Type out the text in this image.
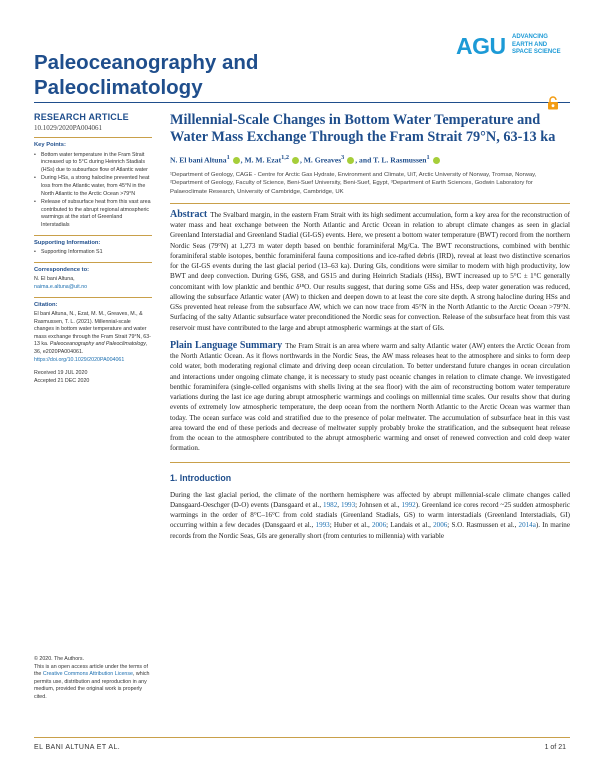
Paleoceanography and
Paleoclimatology
AGU ADVANCING
EARTH AND
SPACE SCIENCE
RESEARCH ARTICLE
10.1029/2020PA004061
Key Points:
• Bottom water temperature in the Fram Strait increased up to 5°C during Heinrich Stadials (HSs) due to subsurface flow of Atlantic water
• During HSs, a strong halocline prevented heat loss from the Atlantic water, from 45°N in the North Atlantic to the Arctic Ocean >79°N
• Release of subsurface heat from this vast area contributed to the abrupt regional atmospheric warmings at the start of Greenland Interstadials
Supporting Information:
• Supporting Information S1
Correspondence to:
N. El bani Altuna,
naima.e.altuna@uit.no
Citation:
El bani Altuna, N., Ezat, M. M., Greaves, M., & Rasmussen, T. L. (2021). Millennial-scale changes in bottom water temperature and water mass exchange through the Fram Strait 79°N, 63-13 ka. Paleoceanography and Paleoclimatology, 36, e2020PA004061. https://doi.org/10.1029/2020PA004061
Received 19 JUL 2020
Accepted 21 DEC 2020
© 2020. The Authors.
This is an open access article under the terms of the Creative Commons Attribution License, which permits use, distribution and reproduction in any medium, provided the original work is properly cited.
Millennial-Scale Changes in Bottom Water Temperature and Water Mass Exchange Through the Fram Strait 79°N, 63-13 ka
N. El bani Altuna$^1$ , M. M. Ezat$^{1,2}$ , M. Greaves$^3$ , and T. L. Rasmussen$^1$

¹Department of Geology, CAGE - Centre for Arctic Gas Hydrate, Environment and Climate, UiT, Arctic University of Norway, Tromsø, Norway, ²Department of Geology, Faculty of Science, Beni-Suef University, Beni-Suef, Egypt, ³Department of Earth Sciences, Godwin Laboratory for Palaeoclimate Research, University of Cambridge, Cambridge, UK

Abstract The Svalbard margin, in the eastern Fram Strait with its high sediment accumulation, form a key area for the reconstruction of water mass and heat exchange between the North Atlantic and Arctic Ocean in relation to abrupt climate changes as seen in glacial Greenland Interstadial and Greenland Stadial (GI-GS) events. Here, we present a bottom water temperature (BWT) record from the northern Nordic Seas (79°N) at 1,273 m water depth based on benthic foraminiferal Mg/Ca. The BWT reconstructions, combined with benthic foraminiferal stable isotopes, benthic foraminiferal fauna compositions and ice-rafted debris (IRD), reveal at least two distinctive scenarios for the GI-GS events during the last glacial period (13–63 ka). During GIs, conditions were similar to modern with high productivity, low BWT and deep convection. During GS6, GS8, and GS15 and during Heinrich Stadials (HSs), BWT increased up to 5°C ± 1°C generally concomitant with low planktic and benthic δ¹⁸O. Our results suggest, that during some GSs and HSs, deep water generation was reduced, allowing the subsurface Atlantic water (AW) to thicken and deepen down to at least the core site depth. A strong halocline during HSs and GSs prevented heat release from the subsurface AW, which we can now trace from 45°N in the North Atlantic to the Arctic Ocean >79°N. Surfacing of the salty Atlantic subsurface water preconditioned the Nordic seas for convection. Release of the subsurface heat from this vast reservoir must have contributed to the large and abrupt atmospheric warmings at the start of GIs.

Plain Language Summary The Fram Strait is an area where warm and salty Atlantic water (AW) enters the Arctic Ocean from the North Atlantic Ocean. As it flows northwards in the Nordic Seas, the AW mass releases heat to the atmosphere and sinks to form deep cold water, both moderating regional climate and driving deep ocean circulation. To better understand future changes in ocean circulation and interactions under ongoing climate change, it is necessary to study past oceanic changes in relation to climate change. We investigated benthic foraminifera (single-celled organisms with shells living at the sea floor) with the aim of reconstructing bottom water temperature variations during the last ice age during abrupt atmospheric warmings and coolings on millennial time scales. Our results show that during events of extremely low atmospheric temperature, the deep ocean from the northern North Atlantic to the Arctic Ocean was warmer than today. The ocean surface was cold and stratified due to the presence of polar meltwater. The accumulation of subsurface heat in this vast area toward the end of these periods and decrease of meltwater supply probably broke the stratification, and the subsequent heat release from the ocean to the atmosphere contributed to the abrupt atmospheric warming and onset of renewed convection and cold deep water formation.

1. Introduction

During the last glacial period, the climate of the northern hemisphere was affected by abrupt millennial-scale climate changes called Dansgaard-Oeschger (D-O) events (Dansgaard et al., 1982, 1993; Johnsen et al., 1992). Greenland ice cores record ~25 sudden atmospheric warmings in the order of 8°C–16°C from cold stadials (Greenland Stadials, GS) to warm interstadials (Greenland Interstadials, GI) occurring within a few decades (Dansgaard et al., 1993; Huber et al., 2006; Landais et al., 2006; S.O. Rasmussen et al., 2014a). In marine records from the Nordic Seas, GIs are generally short (from centuries to millennia) with variable

EL BANI ALTUNA ET AL.	1 of 21
